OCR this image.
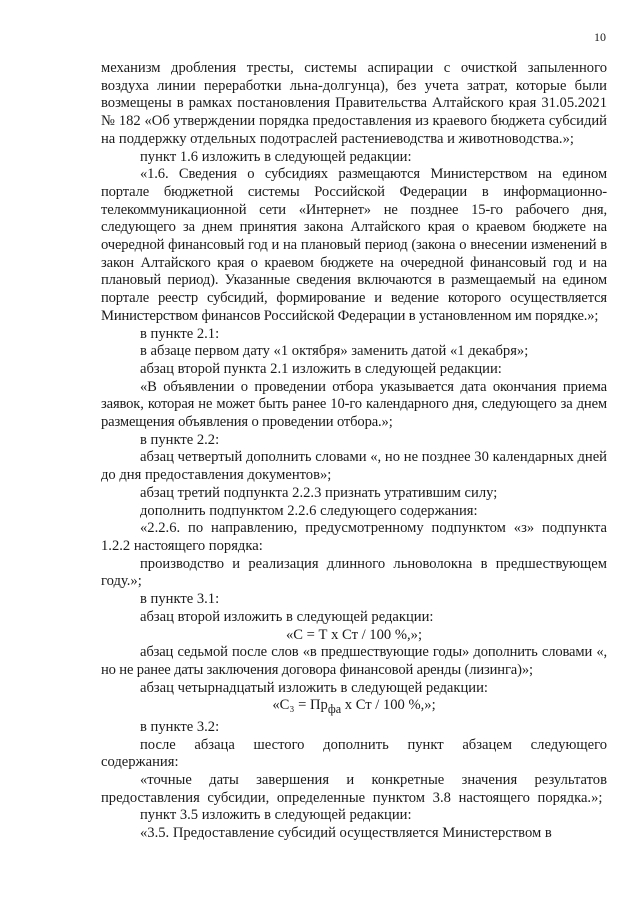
10

механизм дробления тресты, системы аспирации с очисткой запыленного воздуха линии переработки льна-долгунца), без учета затрат, которые были возмещены в рамках постановления Правительства Алтайского края 31.05.2021 № 182 «Об утверждении порядка предоставления из краевого бюджета субсидий на поддержку отдельных подотраслей растениеводства и животноводства.»;

пункт 1.6 изложить в следующей редакции:

«1.6. Сведения о субсидиях размещаются Министерством на едином портале бюджетной системы Российской Федерации в информационно-телекоммуникационной сети «Интернет» не позднее 15-го рабочего дня, следующего за днем принятия закона Алтайского края о краевом бюджете на очередной финансовый год и на плановый период (закона о внесении изменений в закон Алтайского края о краевом бюджете на очередной финансовый год и на плановый период). Указанные сведения включаются в размещаемый на едином портале реестр субсидий, формирование и ведение которого осуществляется Министерством финансов Российской Федерации в установленном им порядке.»;

в пункте 2.1:

в абзаце первом дату «1 октября» заменить датой «1 декабря»;

абзац второй пункта 2.1 изложить в следующей редакции:

«В объявлении о проведении отбора указывается дата окончания приема заявок, которая не может быть ранее 10-го календарного дня, следующего за днем размещения объявления о проведении отбора.»;

в пункте 2.2:

абзац четвертый дополнить словами «, но не позднее 30 календарных дней до дня предоставления документов»;

абзац третий подпункта 2.2.3 признать утратившим силу;

дополнить подпунктом 2.2.6 следующего содержания:

«2.2.6. по направлению, предусмотренному подпунктом «з» подпункта 1.2.2 настоящего порядка:

производство и реализация длинного льноволокна в предшествующем году.»;

в пункте 3.1:

абзац второй изложить в следующей редакции:

«С = Т х Ст / 100 %,»;

абзац седьмой после слов «в предшествующие годы» дополнить словами «, но не ранее даты заключения договора финансовой аренды (лизинга)»;

абзац четырнадцатый изложить в следующей редакции:

«$С_3 = Пр_{фа}$ х Ст / 100 %,»;

в пункте 3.2:

после абзаца шестого дополнить пункт абзацем следующего содержания:

«точные даты завершения и конкретные значения результатов предоставления субсидии, определенные пунктом 3.8 настоящего порядка.»;

пункт 3.5 изложить в следующей редакции:

«3.5. Предоставление субсидий осуществляется Министерством в
